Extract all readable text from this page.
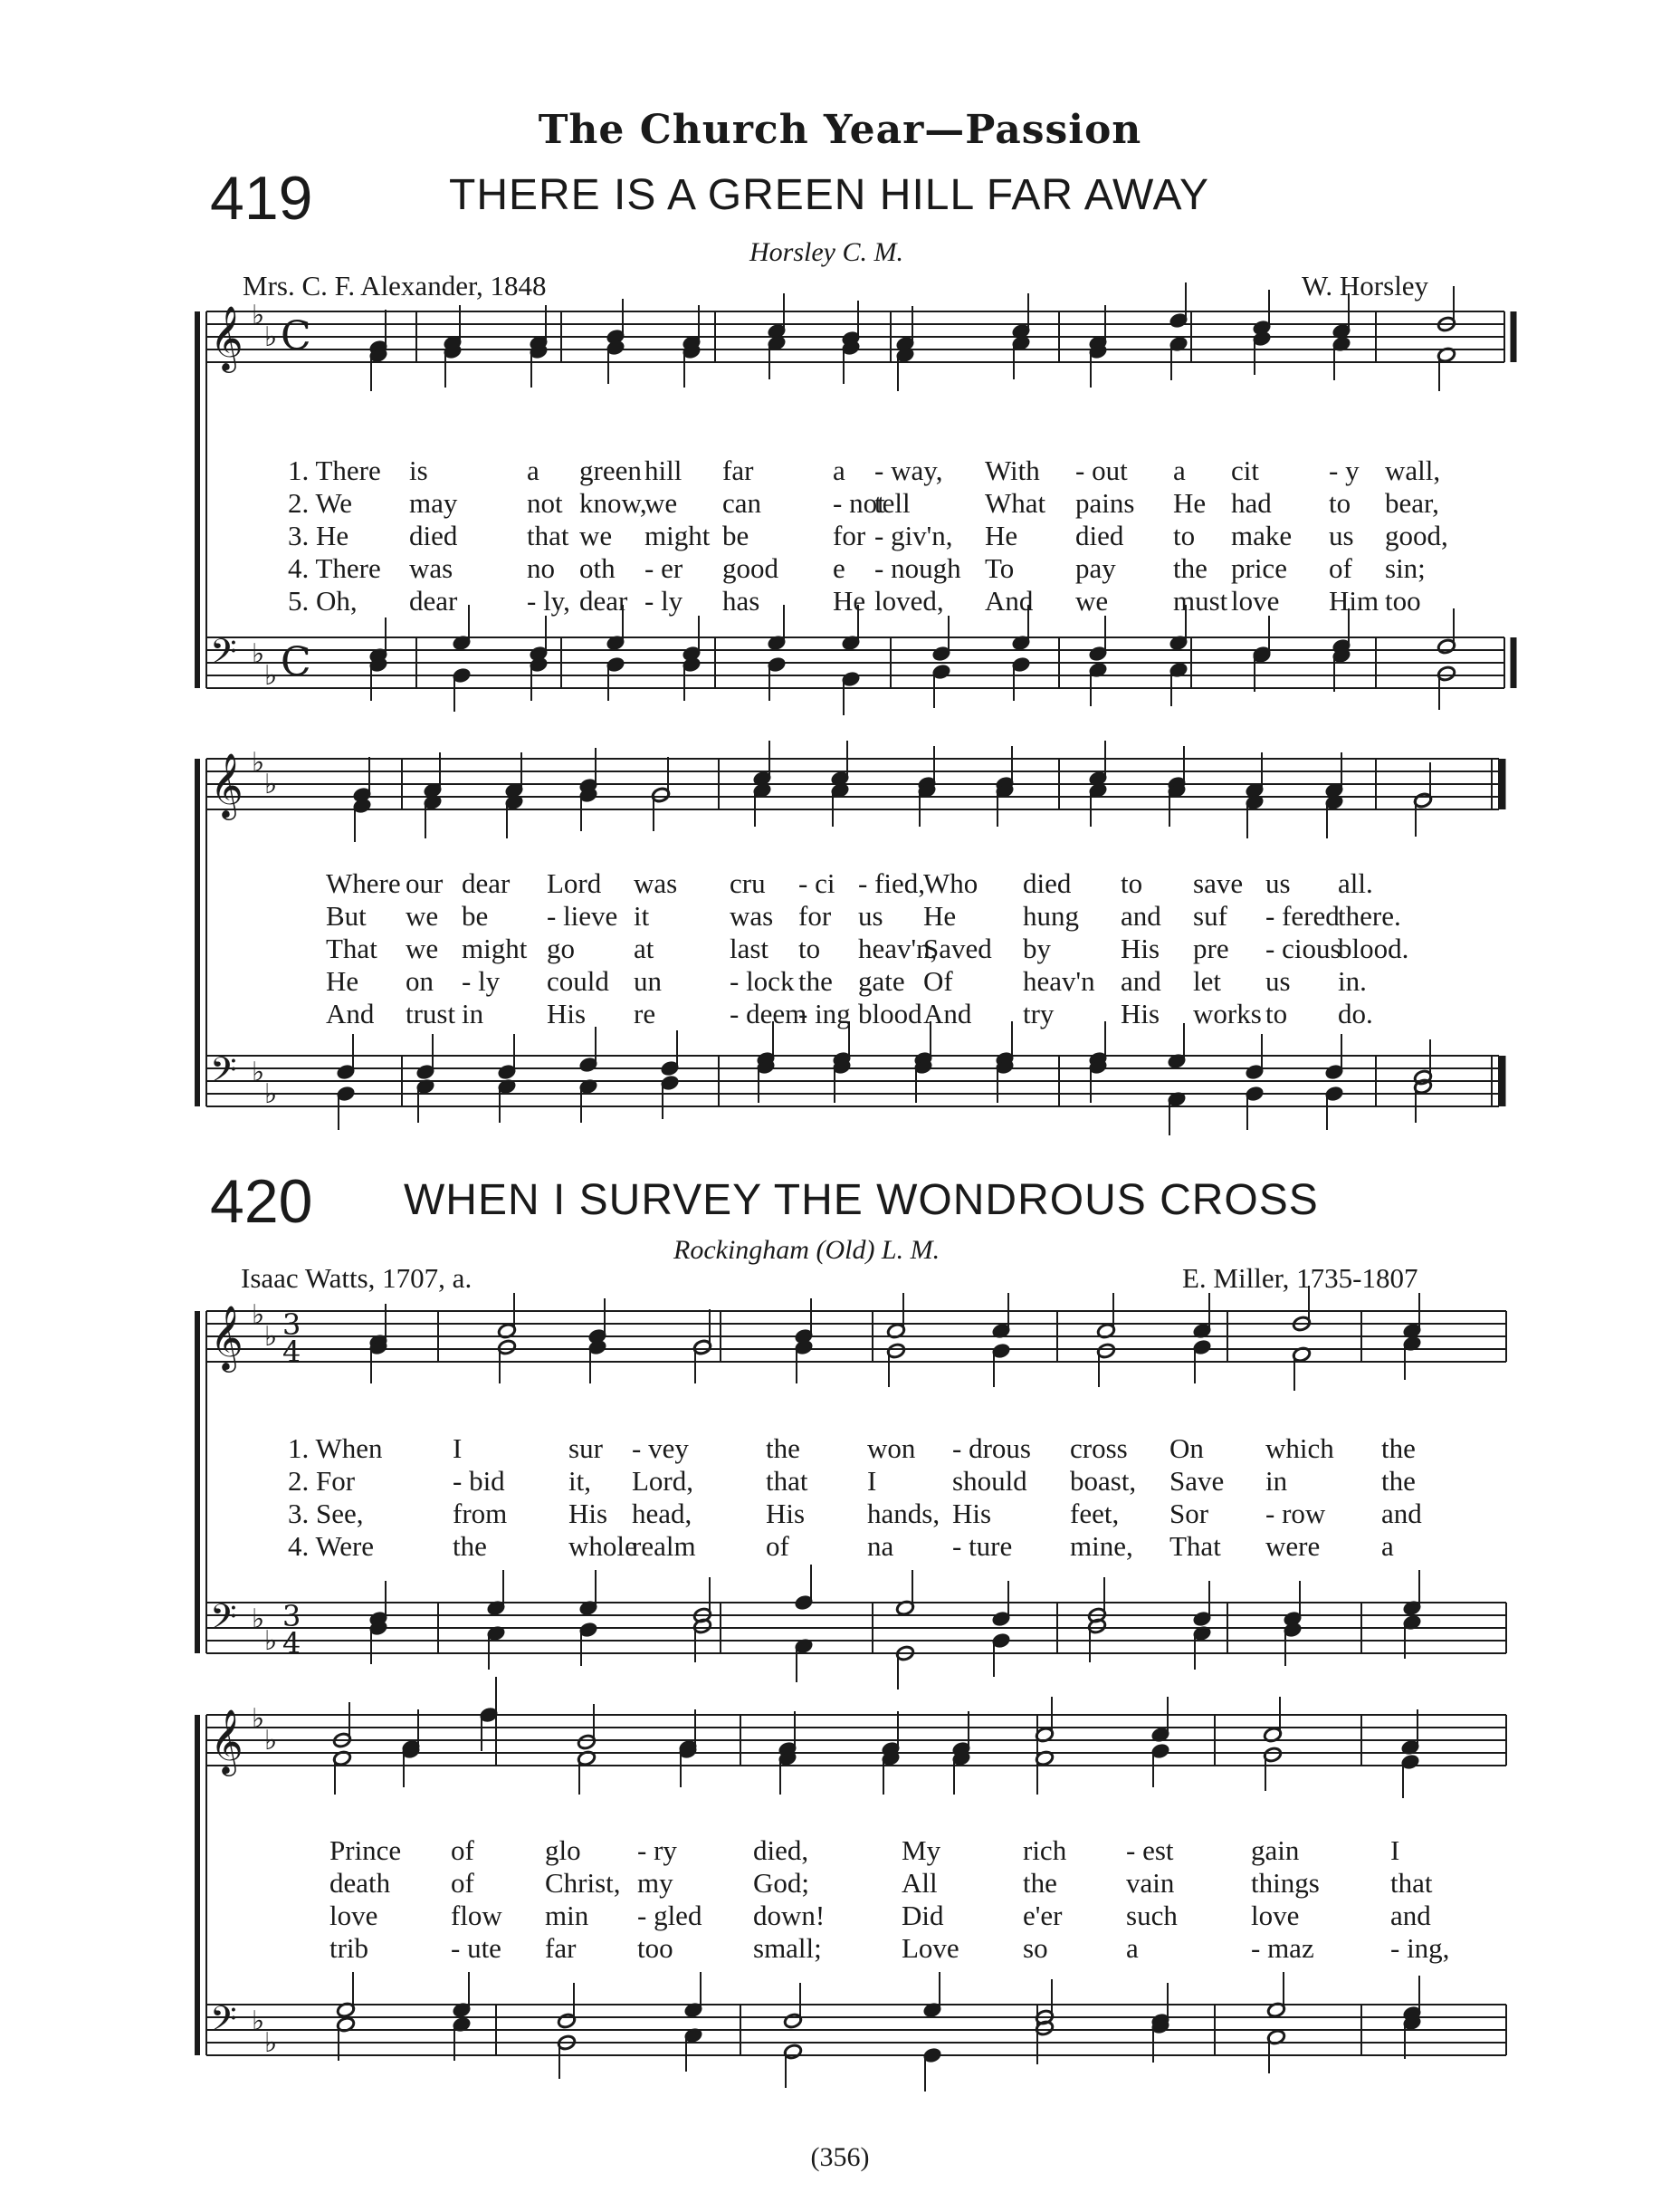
The Church Year—Passion
419	THERE IS A GREEN HILL FAR AWAY
Horsley C. M.
Mrs. C. F. Alexander, 1848	W. Horsley
𝄞
𝄢
♭
♭
♭
♭
C
C
𝄞
𝄢
♭
♭
♭
♭
𝄞
𝄢
♭
♭
♭
♭
3
4
3
4
𝄞
𝄢
♭
♭
♭
♭
1. There is	a green hill far	a - way, With - out a cit - y wall,
2. We may not know,
we can	- not
tell	What pains He had to bear,
3. He died that we might be	for - giv'n, He died to make us good,
4. There was	no oth - er good e - nough To pay the price of sin;
5. Oh, dear - ly, dear - ly has	He loved, And we must love Him too
Where our dear Lord was cru - ci - fied,
Who died to save us all.
But we be - lieve it	was for us He hung and suf - fered
there.
That we might go at	last to heav'n,
Saved by His pre - cious
blood.
He on - ly could un - lock the gate Of heav'n and let us in.
And trust in His re	- deem
- ing blood And try His works to do.
420 WHEN I SURVEY THE WONDROUS CROSS
Rockingham (Old) L. M.
Isaac Watts, 1707, a.	E. Miller, 1735-1807
1. When	I	sur - vey	the won - drous cross On which the
2. For	- bid it, Lord,	that I	should boast, Save in	the
3. See,	from His head,	His hands, His	feet, Sor - row and
4. Were	the	whole
realm of	na - ture mine, That were a
Prince of	glo - ry	died,	My	rich - est	gain	I
death of	Christ, my	God;	All	the vain	things	that
love	flow min - gled down!	Did	e'er such	love	and
trib	- ute far too	small;	Love so	a	- maz	- ing,
(356)
